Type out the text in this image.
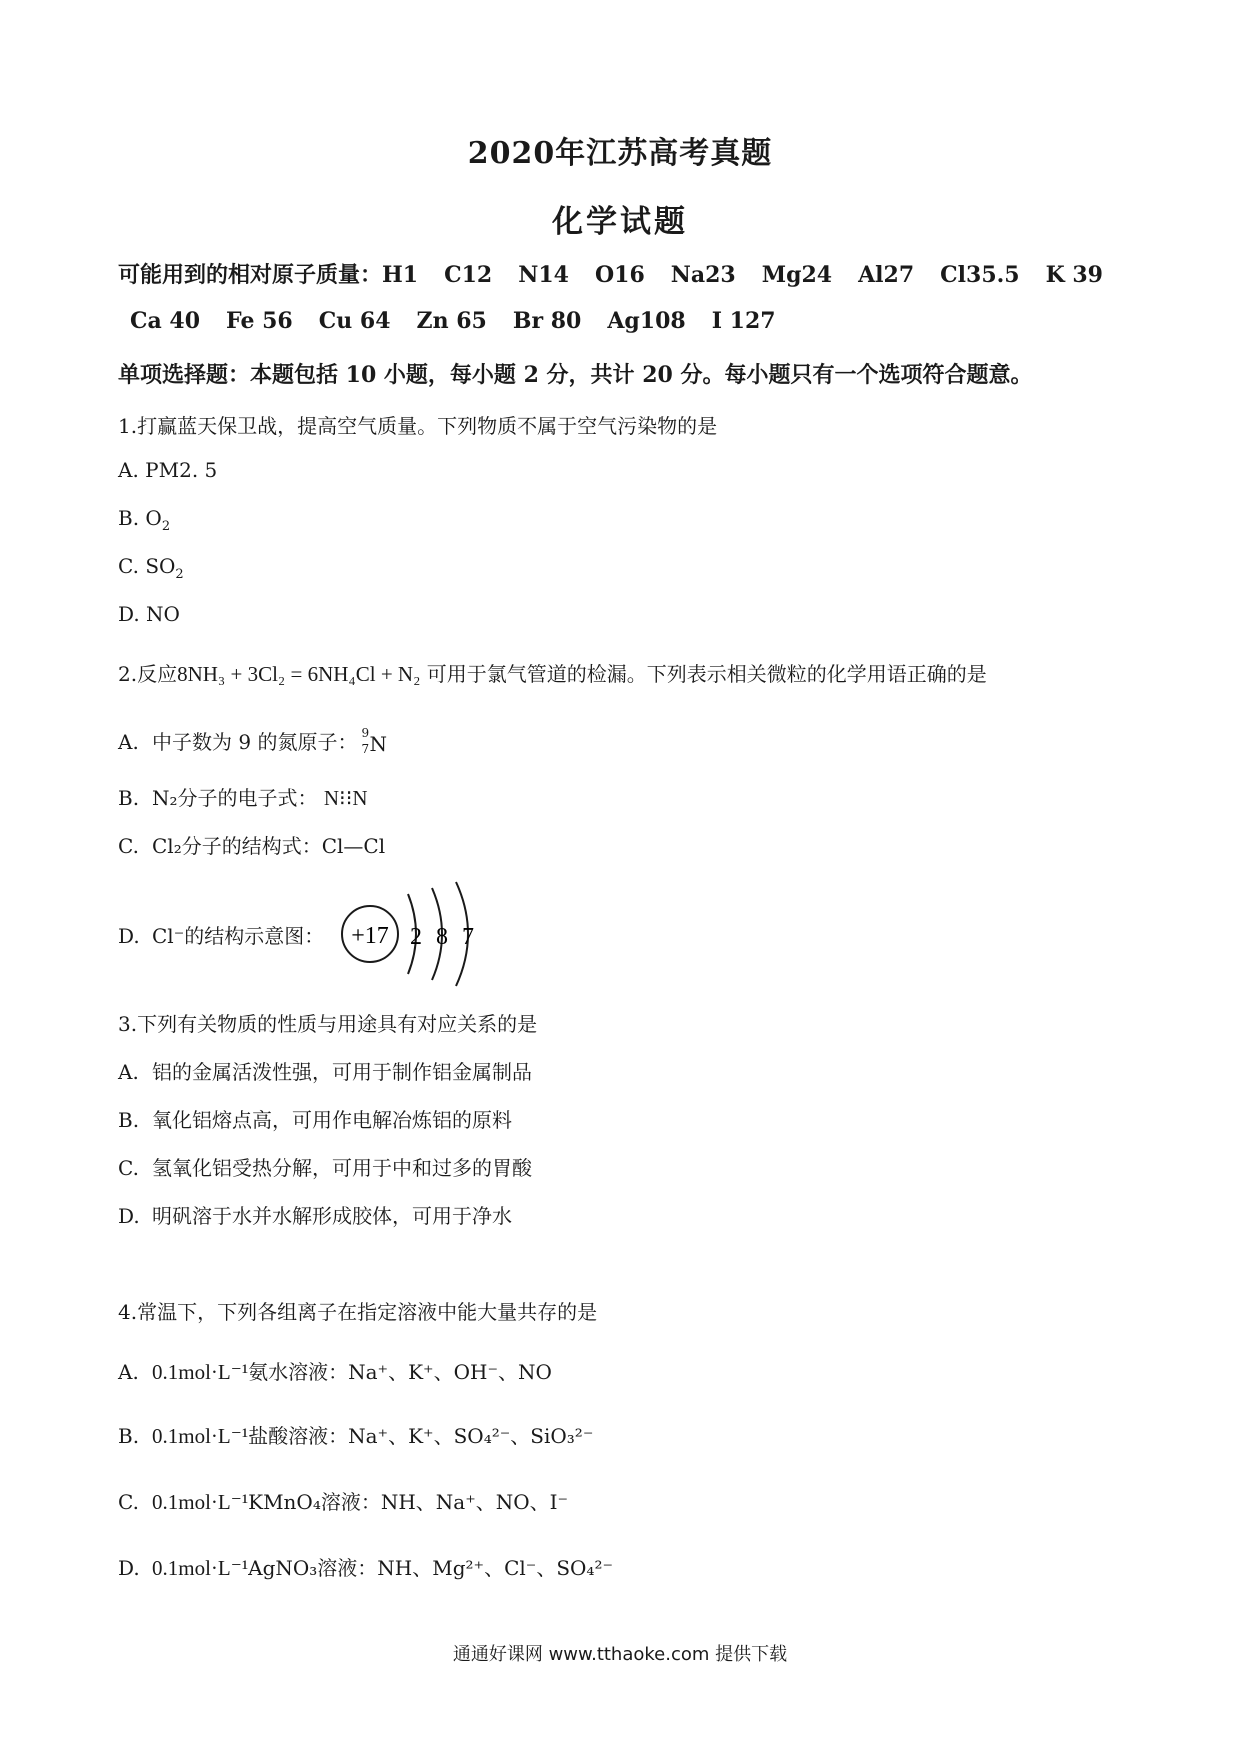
2020年江苏高考真题
化学试题
可能用到的相对原子质量：H1 C12 N14 O16 Na23 Mg24 Al27 Cl35.5 K 39
Ca 40 Fe 56 Cu 64 Zn 65 Br 80 Ag108 I 127
单项选择题：本题包括 10 小题，每小题 2 分，共计 20 分。每小题只有一个选项符合题意。
1.打赢蓝天保卫战，提高空气质量。下列物质不属于空气污染物的是
A. PM2. 5
B. $O_2$
C. $SO_2$
D. NO
2.反应8NH₃ + 3Cl₂ = 6NH₄Cl + N₂ 可用于氯气管道的检漏。下列表示相关微粒的化学用语正确的是
A. 中子数为 9 的氮原子： 9
7 N
B. N₂分子的电子式： N⁝⁝N
C. Cl₂分子的结构式：Cl—Cl
D. Cl⁻的结构示意图： +17 2 8 7
3.下列有关物质的性质与用途具有对应关系的是
A. 铝的金属活泼性强，可用于制作铝金属制品
B. 氧化铝熔点高，可用作电解冶炼铝的原料
C. 氢氧化铝受热分解，可用于中和过多的胃酸
D. 明矾溶于水并水解形成胶体，可用于净水
4.常温下，下列各组离子在指定溶液中能大量共存的是
A. 0.1mol·L⁻¹氨水溶液：Na⁺、K⁺、OH⁻、NO
B. 0.1mol·L⁻¹盐酸溶液：Na⁺、K⁺、SO₄²⁻、SiO₃²⁻
C. 0.1mol·L⁻¹KMnO₄溶液：NH、Na⁺、NO、I⁻
D. 0.1mol·L⁻¹AgNO₃溶液：NH、Mg²⁺、Cl⁻、SO₄²⁻
通通好课网 www.tthaoke.com 提供下载
